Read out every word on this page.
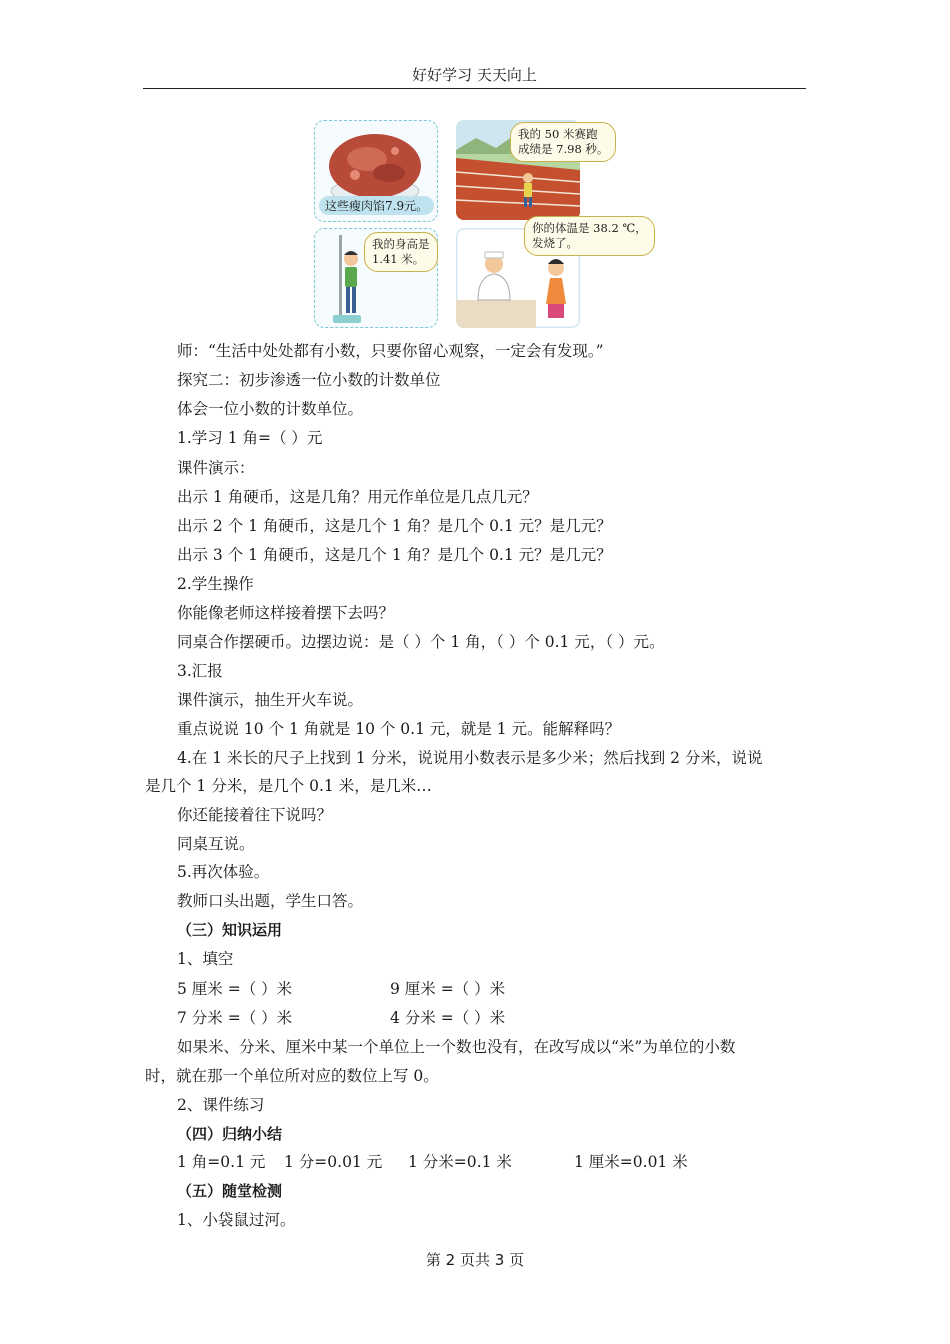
好好学习 天天向上
这些瘦肉馅7.9元。
我的 50 米赛跑
成绩是 7.98 秒。
我的身高是
1.41 米。
你的体温是 38.2 ℃，
发烧了。
师：“生活中处处都有小数，只要你留心观察，一定会有发现。”
探究二：初步渗透一位小数的计数单位
体会一位小数的计数单位。
1.学习 1 角=（ ）元
课件演示：
出示 1 角硬币，这是几角？用元作单位是几点几元？
出示 2 个 1 角硬币，这是几个 1 角？是几个 0.1 元？是几元？
出示 3 个 1 角硬币，这是几个 1 角？是几个 0.1 元？是几元？
2.学生操作
你能像老师这样接着摆下去吗？
同桌合作摆硬币。边摆边说：是（ ）个 1 角，（ ）个 0.1 元，（ ）元。
3.汇报
课件演示，抽生开火车说。
重点说说 10 个 1 角就是 10 个 0.1 元，就是 1 元。能解释吗？
4.在 1 米长的尺子上找到 1 分米，说说用小数表示是多少米；然后找到 2 分米，说说
是几个 1 分米，是几个 0.1 米，是几米…
你还能接着往下说吗？
同桌互说。
5.再次体验。
教师口头出题，学生口答。
（三）知识运用
1、填空
5 厘米 =（ ）米	9 厘米 =（ ）米
7 分米 =（ ）米	4 分米 =（ ）米
如果米、分米、厘米中某一个单位上一个数也没有，在改写成以“米”为单位的小数
时，就在那一个单位所对应的数位上写 0。
2、课件练习
（四）归纳小结
1 角=0.1 元 1 分=0.01 元 1 分米=0.1 米	1 厘米=0.01 米
（五）随堂检测
1、小袋鼠过河。
第 2 页共 3 页
